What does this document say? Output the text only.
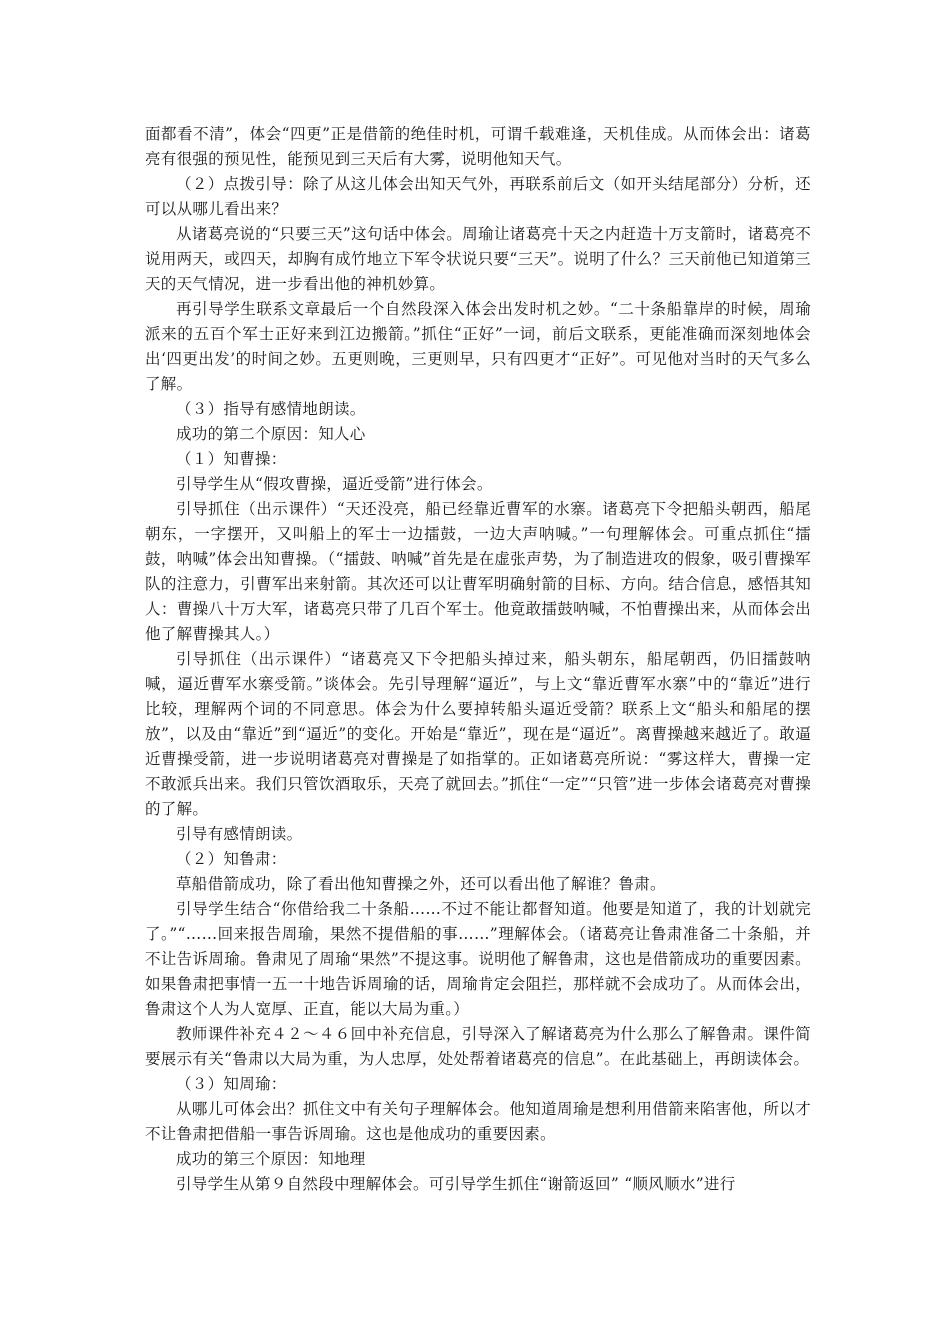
面都看不清”，体会“四更”正是借箭的绝佳时机，可谓千载难逢，天机佳成。从而体会出：诸葛亮有很强的预见性，能预见到三天后有大雾，说明他知天气。

（２）点拨引导：除了从这儿体会出知天气外，再联系前后文（如开头结尾部分）分析，还可以从哪儿看出来？

从诸葛亮说的“只要三天”这句话中体会。周瑜让诸葛亮十天之内赶造十万支箭时，诸葛亮不说用两天，或四天，却胸有成竹地立下军令状说只要“三天”。说明了什么？三天前他已知道第三天的天气情况，进一步看出他的神机妙算。

再引导学生联系文章最后一个自然段深入体会出发时机之妙。“二十条船靠岸的时候，周瑜派来的五百个军士正好来到江边搬箭。”抓住“正好”一词，前后文联系，更能准确而深刻地体会出‘四更出发’的时间之妙。五更则晚，三更则早，只有四更才“正好”。可见他对当时的天气多么了解。

（３）指导有感情地朗读。

成功的第二个原因：知人心

（１）知曹操：

引导学生从“假攻曹操，逼近受箭”进行体会。

引导抓住（出示课件）“天还没亮，船已经靠近曹军的水寨。诸葛亮下令把船头朝西，船尾朝东，一字摆开，又叫船上的军士一边擂鼓，一边大声呐喊。”一句理解体会。可重点抓住“擂鼓，呐喊”体会出知曹操。（“擂鼓、呐喊”首先是在虚张声势，为了制造进攻的假象，吸引曹操军队的注意力，引曹军出来射箭。其次还可以让曹军明确射箭的目标、方向。结合信息，感悟其知人：曹操八十万大军，诸葛亮只带了几百个军士。他竟敢擂鼓呐喊，不怕曹操出来，从而体会出他了解曹操其人。）

引导抓住（出示课件）“诸葛亮又下令把船头掉过来，船头朝东，船尾朝西，仍旧擂鼓呐喊，逼近曹军水寨受箭。”谈体会。先引导理解“逼近”，与上文“靠近曹军水寨”中的“靠近”进行比较，理解两个词的不同意思。体会为什么要掉转船头逼近受箭？联系上文“船头和船尾的摆放”，以及由“靠近”到“逼近”的变化。开始是“靠近”，现在是“逼近”。离曹操越来越近了。敢逼近曹操受箭，进一步说明诸葛亮对曹操是了如指掌的。正如诸葛亮所说：“雾这样大，曹操一定不敢派兵出来。我们只管饮酒取乐，天亮了就回去。”抓住“一定”“只管”进一步体会诸葛亮对曹操的了解。

引导有感情朗读。

（２）知鲁肃：

草船借箭成功，除了看出他知曹操之外，还可以看出他了解谁？鲁肃。

引导学生结合“你借给我二十条船……不过不能让都督知道。他要是知道了，我的计划就完了。”“……回来报告周瑜，果然不提借船的事……”理解体会。（诸葛亮让鲁肃准备二十条船，并不让告诉周瑜。鲁肃见了周瑜“果然”不提这事。说明他了解鲁肃，这也是借箭成功的重要因素。如果鲁肃把事情一五一十地告诉周瑜的话，周瑜肯定会阻拦，那样就不会成功了。从而体会出，鲁肃这个人为人宽厚、正直，能以大局为重。）

教师课件补充４２～４６回中补充信息，引导深入了解诸葛亮为什么那么了解鲁肃。课件简要展示有关“鲁肃以大局为重，为人忠厚，处处帮着诸葛亮的信息”。在此基础上，再朗读体会。

（３）知周瑜：

从哪儿可体会出？抓住文中有关句子理解体会。他知道周瑜是想利用借箭来陷害他，所以才不让鲁肃把借船一事告诉周瑜。这也是他成功的重要因素。

成功的第三个原因：知地理

引导学生从第９自然段中理解体会。可引导学生抓住“谢箭返回” “顺风顺水”进行
